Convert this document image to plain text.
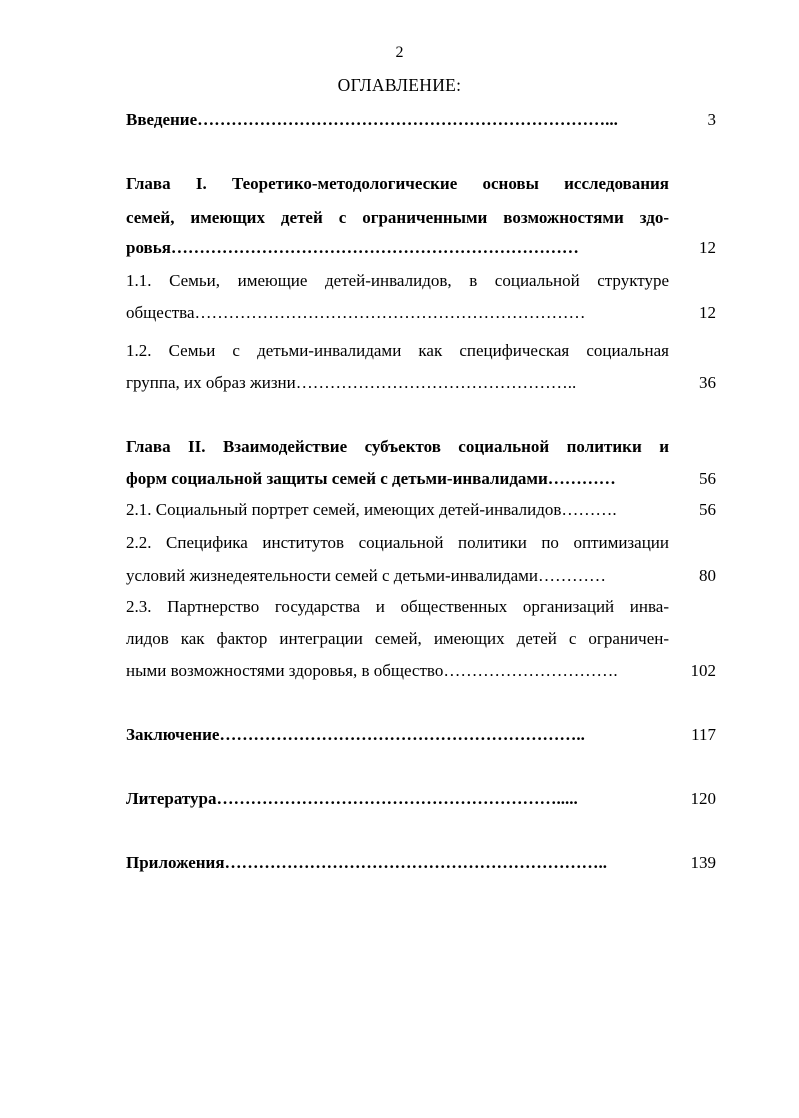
2
ОГЛАВЛЕНИЕ:
Введение………………………………………………………………...	3
Глава I. Теоретико-методологические основы исследования
семей, имеющих детей с ограниченными возможностями здо-
ровья………………………………………………………………	12
1.1. Семьи, имеющие детей-инвалидов, в социальной структуре
общества……………………………………………………………	12
1.2. Семьи с детьми-инвалидами как специфическая социальная
группа, их образ жизни…………………………………………..	36
Глава II. Взаимодействие субъектов социальной политики и
форм социальной защиты семей с детьми-инвалидами…………	56
2.1. Социальный портрет семей, имеющих детей-инвалидов……….	56
2.2. Специфика институтов социальной политики по оптимизации
условий жизнедеятельности семей с детьми-инвалидами…………	80
2.3. Партнерство государства и общественных организаций инва-
лидов как фактор интеграции семей, имеющих детей с ограничен-
ными возможностями здоровья, в общество………………………….	102
Заключение………………………………………………………..	117
Литература…………………………………………………….....	120
Приложения…………………………………………………………..	139
